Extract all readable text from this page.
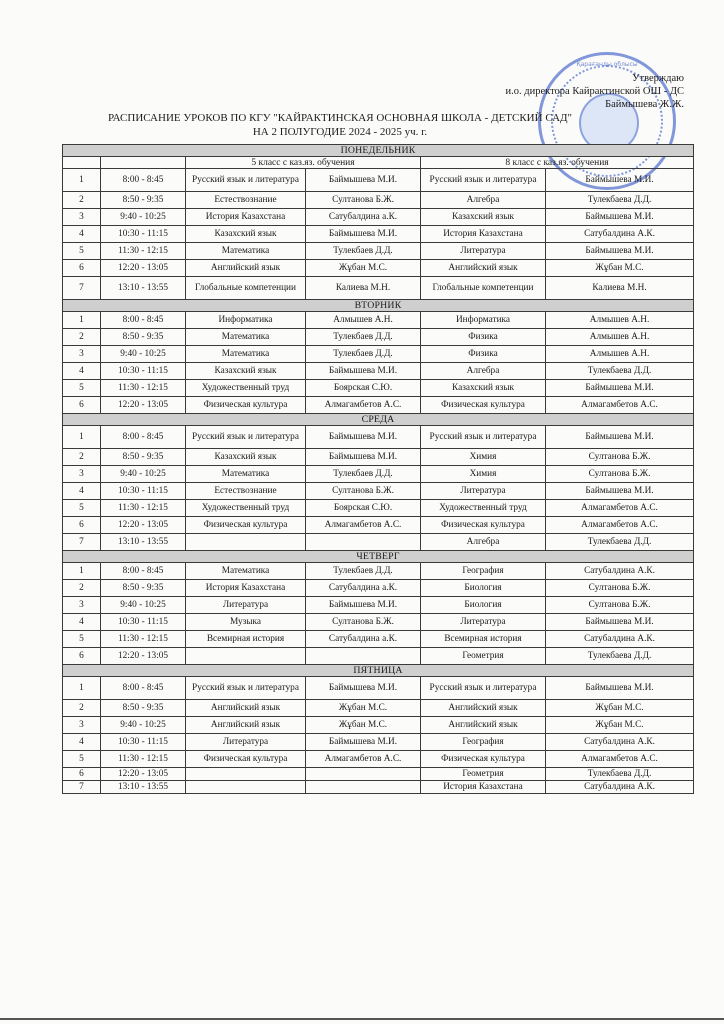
Қарағанды облысы
Утверждаю
и.о. директора Кайрактинской ОШ - ДС
Баймышева Ж.Ж.
РАСПИСАНИЕ УРОКОВ ПО КГУ "КАЙРАКТИНСКАЯ ОСНОВНАЯ ШКОЛА - ДЕТСКИЙ САД"
НА 2 ПОЛУГОДИЕ 2024 - 2025 уч. г.
ПОНЕДЕЛЬНИК					
		5 класс с каз.яз. обучения		8 класс с каз.яз. обучения	
1	8:00 - 8:45	Русский язык и литература	Баймышева М.И.	Русский язык и литература	Баймышева М.И.
2	8:50 - 9:35	Естествознание	Султанова Б.Ж.	Алгебра	Тулекбаева Д.Д.
3	9:40 - 10:25	История Казахстана	Сатубалдина а.К.	Казахский язык	Баймышева М.И.
4	10:30 - 11:15	Казахский язык	Баймышева М.И.	История Казахстана	Сатубалдина А.К.
5	11:30 - 12:15	Математика	Тулекбаев Д.Д.	Литература	Баймышева М.И.
6	12:20 - 13:05	Английский язык	Жұбан М.С.	Английский язык	Жұбан М.С.
7	13:10 - 13:55	Глобальные компетенции	Калиева М.Н.	Глобальные компетенции	Калиева М.Н.
ВТОРНИК					
1	8:00 - 8:45	Информатика	Алмышев А.Н.	Информатика	Алмышев А.Н.
2	8:50 - 9:35	Математика	Тулекбаев Д.Д.	Физика	Алмышев А.Н.
3	9:40 - 10:25	Математика	Тулекбаев Д.Д.	Физика	Алмышев А.Н.
4	10:30 - 11:15	Казахский язык	Баймышева М.И.	Алгебра	Тулекбаева Д.Д.
5	11:30 - 12:15	Художественный труд	Боярская С.Ю.	Казахский язык	Баймышева М.И.
6	12:20 - 13:05	Физическая культура	Алмагамбетов А.С.	Физическая культура	Алмагамбетов А.С.
СРЕДА					
1	8:00 - 8:45	Русский язык и литература	Баймышева М.И.	Русский язык и литература	Баймышева М.И.
2	8:50 - 9:35	Казахский язык	Баймышева М.И.	Химия	Султанова Б.Ж.
3	9:40 - 10:25	Математика	Тулекбаев Д.Д.	Химия	Султанова Б.Ж.
4	10:30 - 11:15	Естествознание	Султанова Б.Ж.	Литература	Баймышева М.И.
5	11:30 - 12:15	Художественный труд	Боярская С.Ю.	Художественный труд	Алмагамбетов А.С.
6	12:20 - 13:05	Физическая культура	Алмагамбетов А.С.	Физическая культура	Алмагамбетов А.С.
7	13:10 - 13:55			Алгебра	Тулекбаева Д.Д.
ЧЕТВЕРГ					
1	8:00 - 8:45	Математика	Тулекбаев Д.Д.	География	Сатубалдина А.К.
2	8:50 - 9:35	История Казахстана	Сатубалдина а.К.	Биология	Султанова Б.Ж.
3	9:40 - 10:25	Литература	Баймышева М.И.	Биология	Султанова Б.Ж.
4	10:30 - 11:15	Музыка	Султанова Б.Ж.	Литература	Баймышева М.И.
5	11:30 - 12:15	Всемирная история	Сатубалдина а.К.	Всемирная история	Сатубалдина А.К.
6	12:20 - 13:05			Геометрия	Тулекбаева Д.Д.
ПЯТНИЦА					
1	8:00 - 8:45	Русский язык и литература	Баймышева М.И.	Русский язык и литература	Баймышева М.И.
2	8:50 - 9:35	Английский язык	Жұбан М.С.	Английский язык	Жұбан М.С.
3	9:40 - 10:25	Английский язык	Жұбан М.С.	Английский язык	Жұбан М.С.
4	10:30 - 11:15	Литература	Баймышева М.И.	География	Сатубалдина А.К.
5	11:30 - 12:15	Физическая культура	Алмагамбетов А.С.	Физическая культура	Алмагамбетов А.С.
6	12:20 - 13:05			Геометрия	Тулекбаева Д.Д.
7	13:10 - 13:55			История Казахстана	Сатубалдина А.К.
